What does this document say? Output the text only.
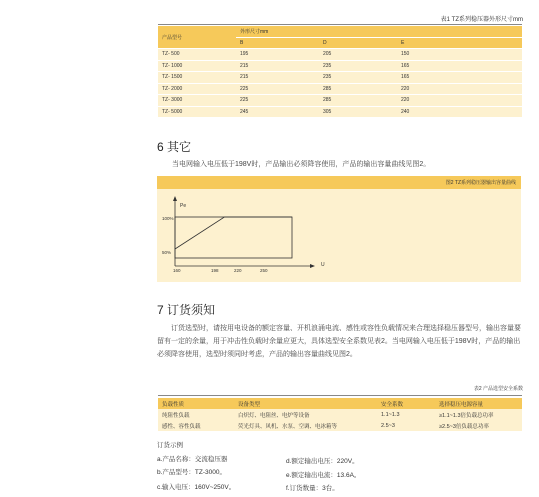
表1 TZ系列稳压器外形尺寸mm
产品型号	外形尺寸mm		
	B	D	E
TZ- 500	195	205	150
TZ- 1000	215	235	165
TZ- 1500	215	235	165
TZ- 2000	225	285	220
TZ- 3000	225	285	220
TZ- 5000	245	305	240
6 其它
当电网输入电压低于198V时，产品输出必须降容使用，产品的输出容量曲线见图2。
图2 TZ系列稳压器输出容量曲线
Pe
100%
50%
U
160	198	220	250
7 订货须知
订货选型时，请按用电设备的额定容量、开机浪涌电流、感性或容性负载情况来合理选择稳压器型号，输出容量要留有一定的余量，用于冲击性负载时余量应更大，具体选型安全系数见表2。当电网输入电压低于198V时，产品的输出必须降容使用，选型时须同时考虑，产品的输出容量曲线见图2。
表2 产品选型安全系数
负载性质	设备类型	安全系数	选择稳压电源容量
纯阻性负载	白炽灯、电阻丝、电炉等设备	1.1~1.3	≥1.1~1.3倍负载总功率
感性、容性负载	荧光灯具、风机、水泵、空调、电冰箱等	2.5~3	≥2.5~3倍负载总功率
订货示例
a.产品名称：交流稳压器
b.产品型号：TZ-3000。
c.输入电压：160V~250V。
d.额定输出电压：220V。
e.额定输出电流：13.6A。
f.订货数量：3台。
